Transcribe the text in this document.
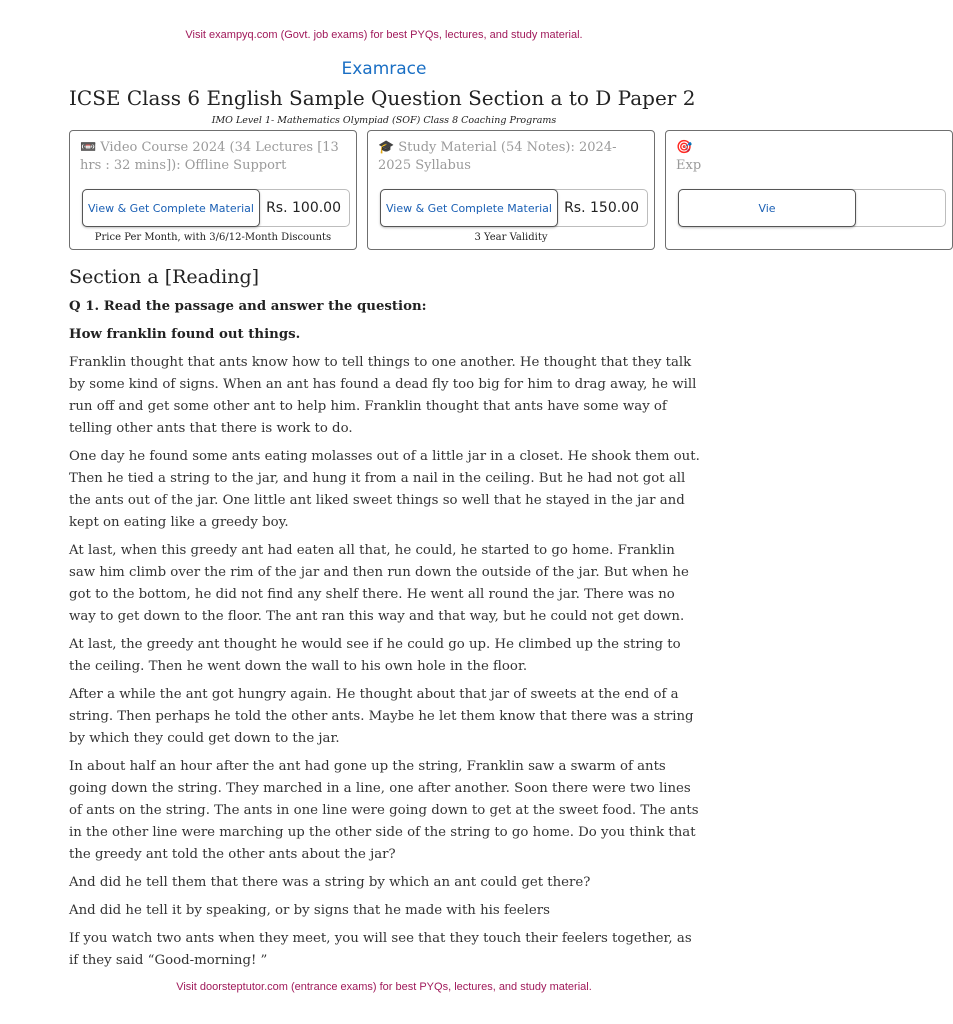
Visit exampyq.com (Govt. job exams) for best PYQs, lectures, and study material.
Examrace
ICSE Class 6 English Sample Question Section a to D Paper 2
IMO Level 1- Mathematics Olympiad (SOF) Class 8 Coaching Programs
📼 Video Course 2024 (34 Lectures [13 hrs : 32 mins]): Offline Support
View & Get Complete Material Rs. 100.00
Price Per Month, with 3/6/12-Month Discounts
🎓 Study Material (54 Notes): 2024-2025 Syllabus
View & Get Complete Material Rs. 150.00
3 Year Validity
🎯
Exp
Vie
Section a [Reading]

Q 1. Read the passage and answer the question:

How franklin found out things.

Franklin thought that ants know how to tell things to one another. He thought that they talk by some kind of signs. When an ant has found a dead fly too big for him to drag away, he will run off and get some other ant to help him. Franklin thought that ants have some way of telling other ants that there is work to do.

One day he found some ants eating molasses out of a little jar in a closet. He shook them out. Then he tied a string to the jar, and hung it from a nail in the ceiling. But he had not got all the ants out of the jar. One little ant liked sweet things so well that he stayed in the jar and kept on eating like a greedy boy.

At last, when this greedy ant had eaten all that, he could, he started to go home. Franklin saw him climb over the rim of the jar and then run down the outside of the jar. But when he got to the bottom, he did not find any shelf there. He went all round the jar. There was no way to get down to the floor. The ant ran this way and that way, but he could not get down.

At last, the greedy ant thought he would see if he could go up. He climbed up the string to the ceiling. Then he went down the wall to his own hole in the floor.

After a while the ant got hungry again. He thought about that jar of sweets at the end of a string. Then perhaps he told the other ants. Maybe he let them know that there was a string by which they could get down to the jar.

In about half an hour after the ant had gone up the string, Franklin saw a swarm of ants going down the string. They marched in a line, one after another. Soon there were two lines of ants on the string. The ants in one line were going down to get at the sweet food. The ants in the other line were marching up the other side of the string to go home. Do you think that the greedy ant told the other ants about the jar?

And did he tell them that there was a string by which an ant could get there?

And did he tell it by speaking, or by signs that he made with his feelers

If you watch two ants when they meet, you will see that they touch their feelers together, as if they said “Good-morning! ”

Visit doorsteptutor.com (entrance exams) for best PYQs, lectures, and study material.
